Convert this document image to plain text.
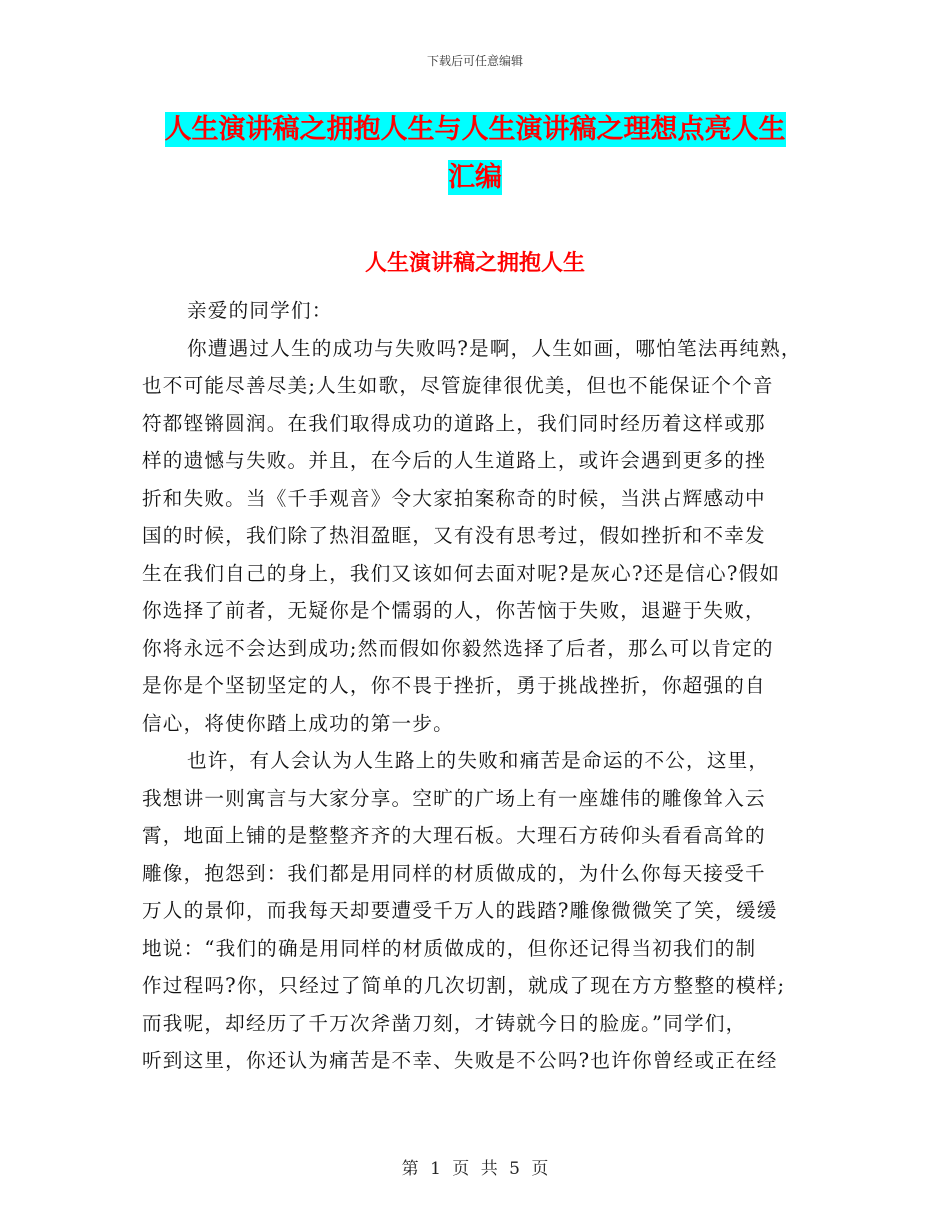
下载后可任意编辑
人生演讲稿之拥抱人生与人生演讲稿之理想点亮人生
汇编
人生演讲稿之拥抱人生

亲爱的同学们：

你遭遇过人生的成功与失败吗?是啊，人生如画，哪怕笔法再纯熟，
也不可能尽善尽美;人生如歌，尽管旋律很优美，但也不能保证个个音
符都铿锵圆润。在我们取得成功的道路上，我们同时经历着这样或那
样的遗憾与失败。并且，在今后的人生道路上，或许会遇到更多的挫
折和失败。当《千手观音》令大家拍案称奇的时候，当洪占辉感动中
国的时候，我们除了热泪盈眶，又有没有思考过，假如挫折和不幸发
生在我们自己的身上，我们又该如何去面对呢?是灰心?还是信心?假如
你选择了前者，无疑你是个懦弱的人，你苦恼于失败，退避于失败，
你将永远不会达到成功;然而假如你毅然选择了后者，那么可以肯定的
是你是个坚韧坚定的人，你不畏于挫折，勇于挑战挫折，你超强的自
信心，将使你踏上成功的第一步。

也许，有人会认为人生路上的失败和痛苦是命运的不公，这里，
我想讲一则寓言与大家分享。空旷的广场上有一座雄伟的雕像耸入云
霄，地面上铺的是整整齐齐的大理石板。大理石方砖仰头看看高耸的
雕像，抱怨到：我们都是用同样的材质做成的，为什么你每天接受千
万人的景仰，而我每天却要遭受千万人的践踏?雕像微微笑了笑，缓缓
地说：“我们的确是用同样的材质做成的，但你还记得当初我们的制
作过程吗?你，只经过了简单的几次切割，就成了现在方方整整的模样;
而我呢，却经历了千万次斧凿刀刻，才铸就今日的脸庞。”同学们，
听到这里，你还认为痛苦是不幸、失败是不公吗?也许你曾经或正在经

第 1 页 共 5 页
